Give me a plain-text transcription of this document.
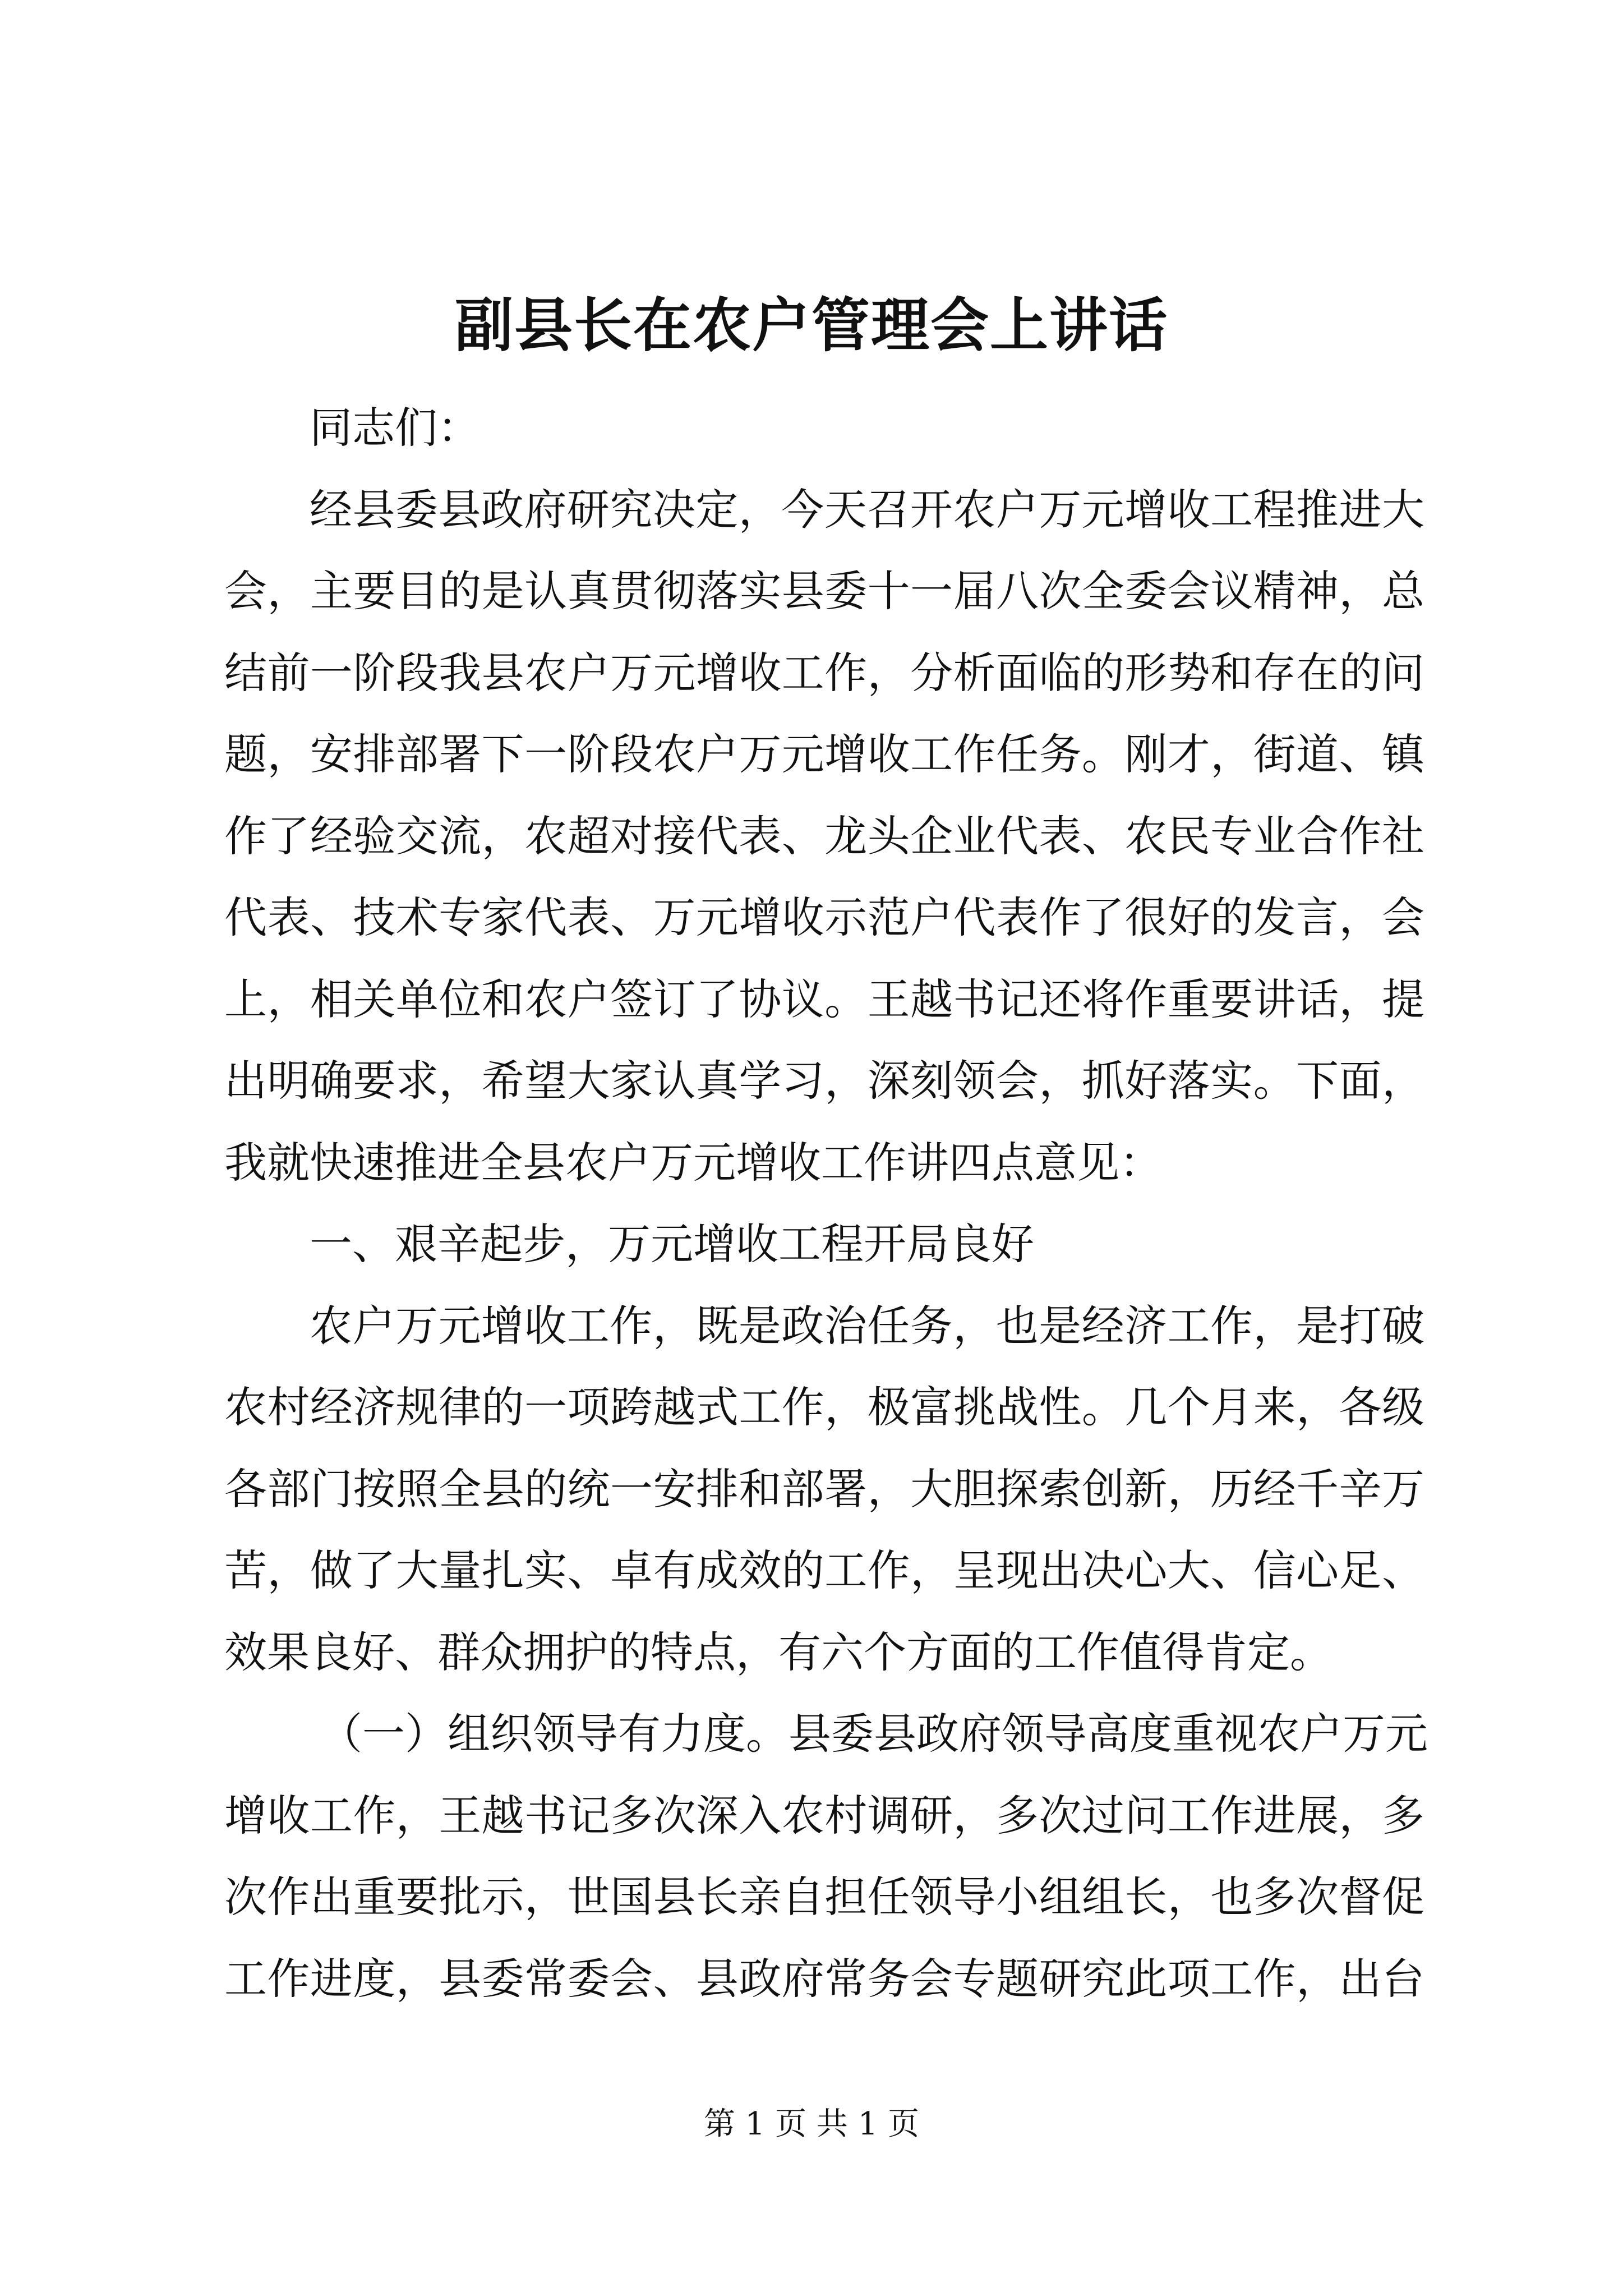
副县长在农户管理会上讲话
同志们：
经县委县政府研究决定，今天召开农户万元增收工程推进大
会，主要目的是认真贯彻落实县委十一届八次全委会议精神，总
结前一阶段我县农户万元增收工作，分析面临的形势和存在的问
题，安排部署下一阶段农户万元增收工作任务。刚才，街道、镇
作了经验交流，农超对接代表、龙头企业代表、农民专业合作社
代表、技术专家代表、万元增收示范户代表作了很好的发言，会
上，相关单位和农户签订了协议。王越书记还将作重要讲话，提
出明确要求，希望大家认真学习，深刻领会，抓好落实。下面，
我就快速推进全县农户万元增收工作讲四点意见：
一、艰辛起步，万元增收工程开局良好
农户万元增收工作，既是政治任务，也是经济工作，是打破
农村经济规律的一项跨越式工作，极富挑战性。几个月来，各级
各部门按照全县的统一安排和部署，大胆探索创新，历经千辛万
苦，做了大量扎实、卓有成效的工作，呈现出决心大、信心足、
效果良好、群众拥护的特点，有六个方面的工作值得肯定。
（一）组织领导有力度。县委县政府领导高度重视农户万元
增收工作，王越书记多次深入农村调研，多次过问工作进展，多
次作出重要批示，世国县长亲自担任领导小组组长，也多次督促
工作进度，县委常委会、县政府常务会专题研究此项工作，出台
第 1 页 共 1 页
